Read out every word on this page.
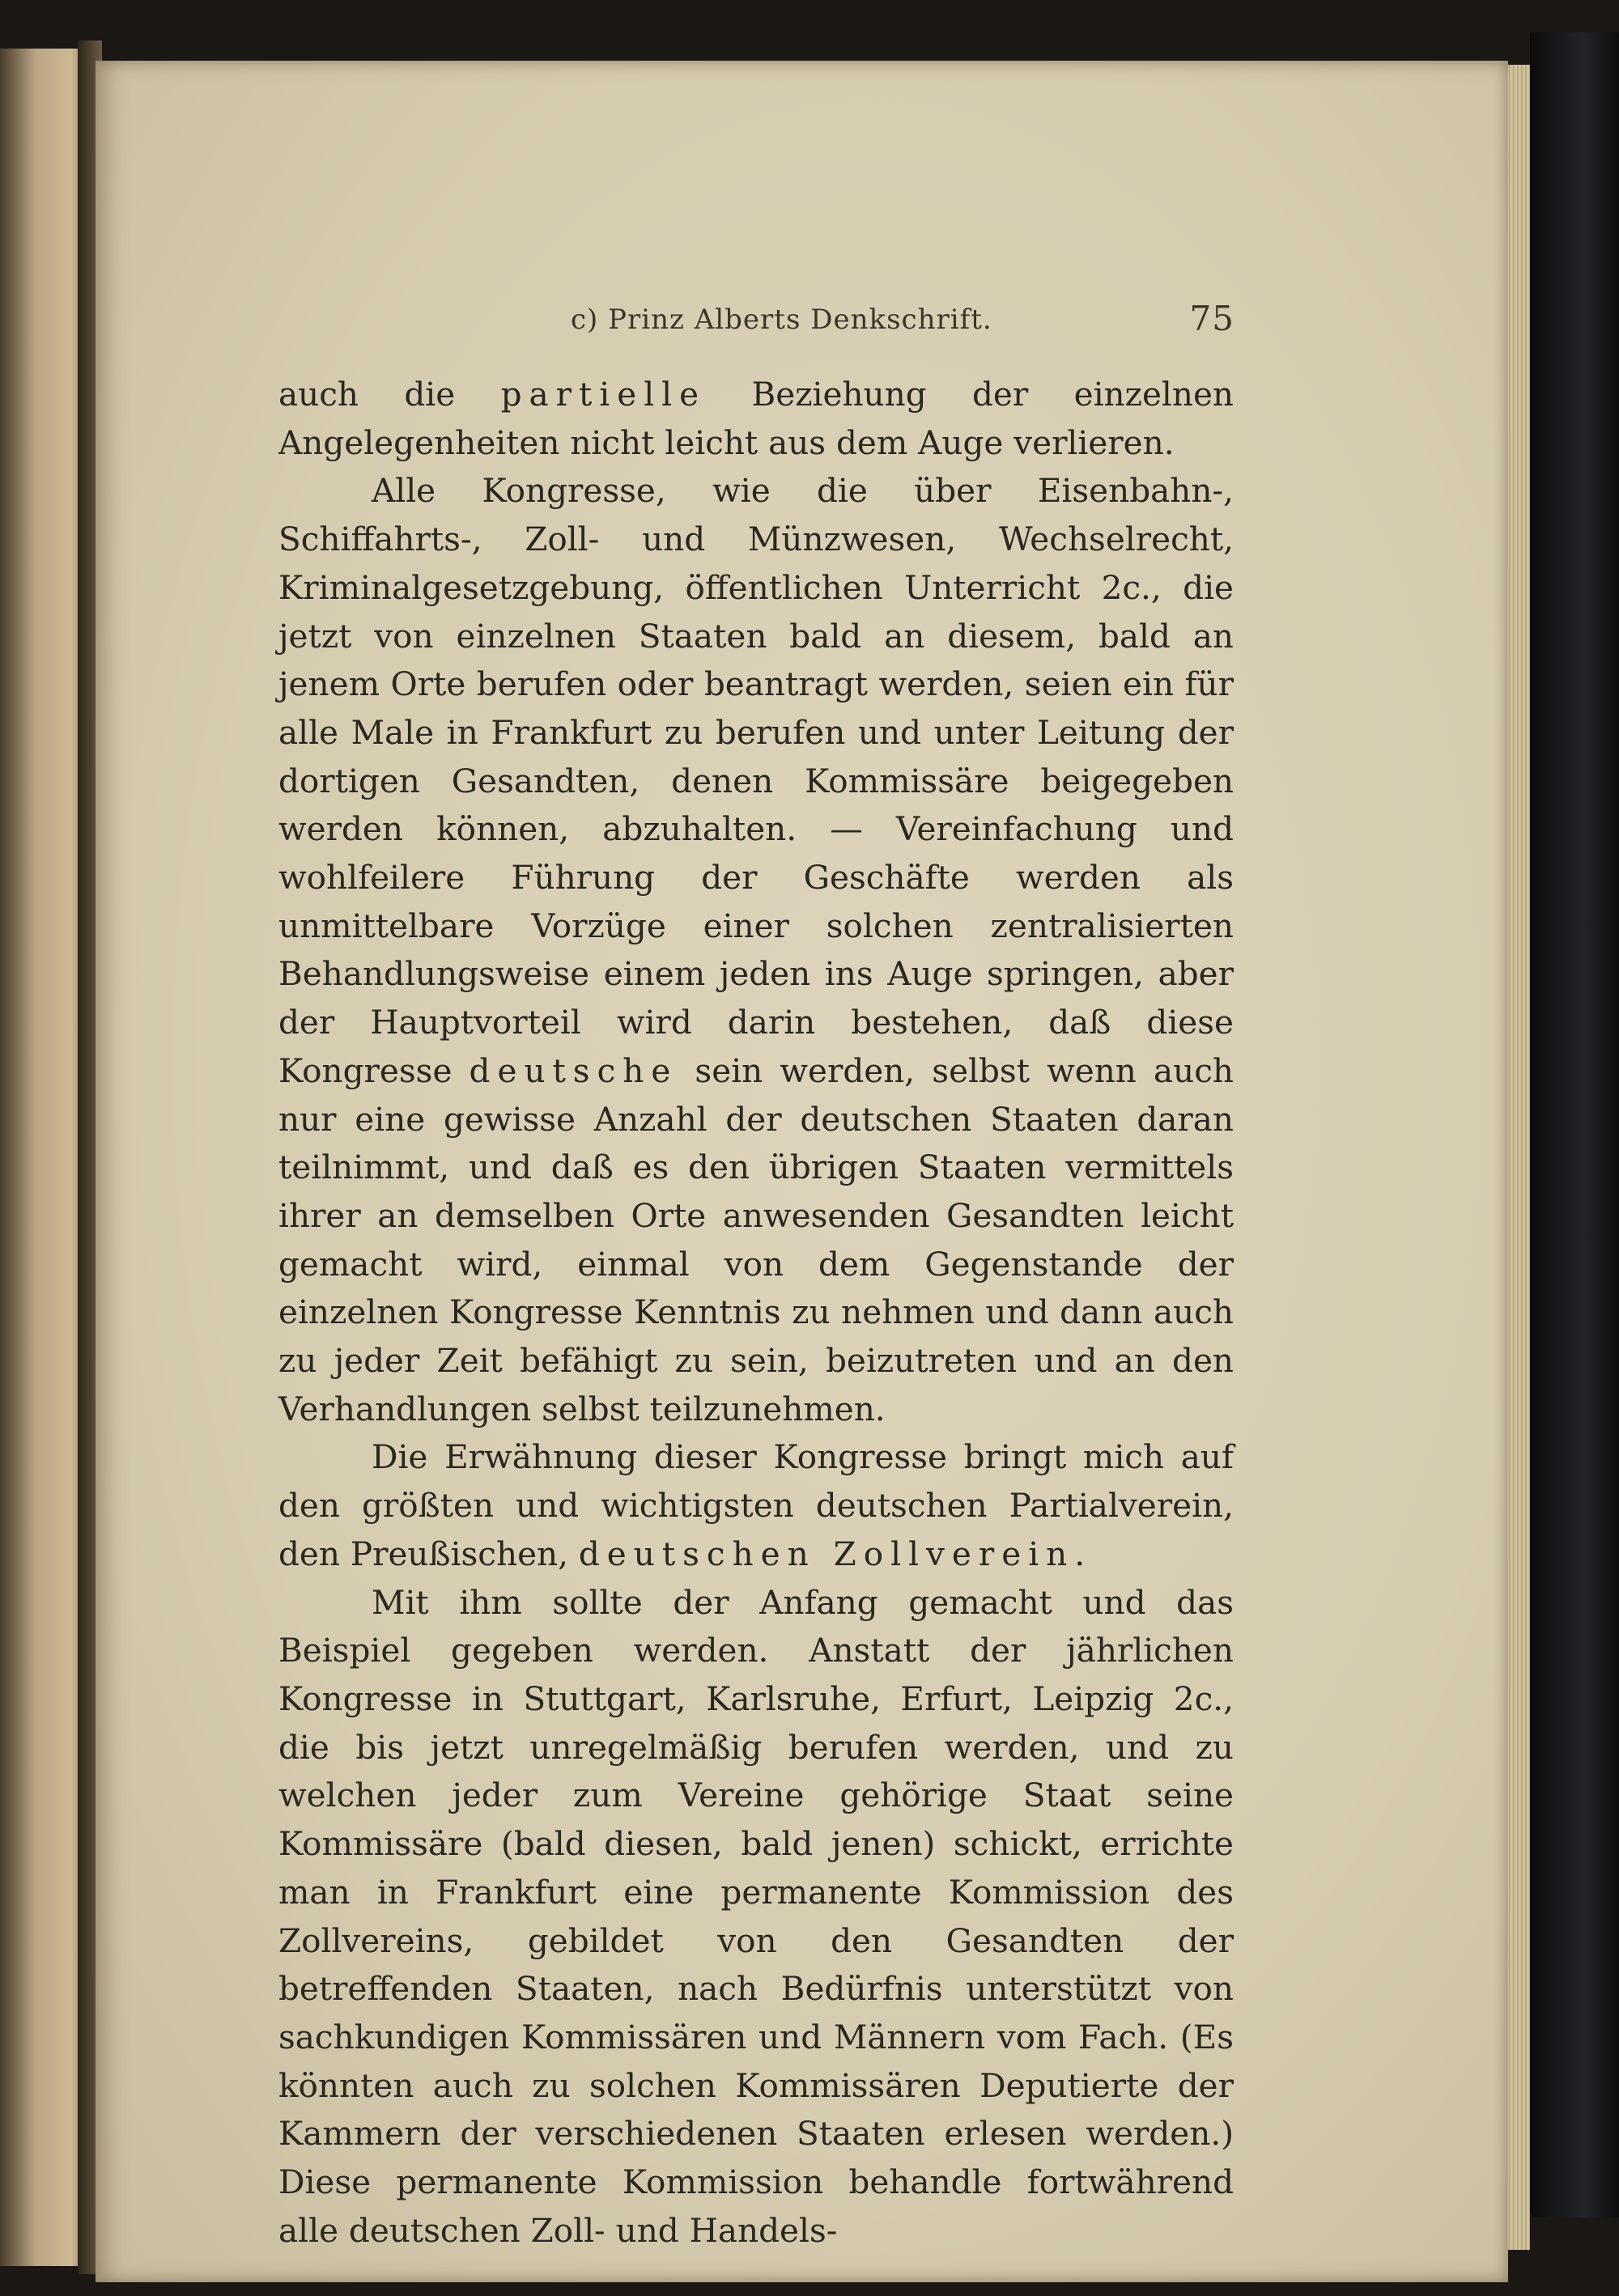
c) Prinz Alberts Denkschrift.	75

auch die partielle Beziehung der einzelnen Angelegenheiten nicht leicht aus dem Auge verlieren.

Alle Kongresse, wie die über Eisenbahn-, Schiffahrts-, Zoll- und Münzwesen, Wechselrecht, Kriminalgesetzgebung, öffentlichen Unterricht 2c., die jetzt von einzelnen Staaten bald an diesem, bald an jenem Orte berufen oder beantragt werden, seien ein für alle Male in Frankfurt zu berufen und unter Leitung der dortigen Gesandten, denen Kommissäre beigegeben werden können, abzuhalten. — Vereinfachung und wohlfeilere Führung der Geschäfte werden als unmittelbare Vorzüge einer solchen zentralisierten Behandlungsweise einem jeden ins Auge springen, aber der Hauptvorteil wird darin bestehen, daß diese Kongresse deutsche sein werden, selbst wenn auch nur eine gewisse Anzahl der deutschen Staaten daran teilnimmt, und daß es den übrigen Staaten vermittels ihrer an demselben Orte anwesenden Gesandten leicht gemacht wird, einmal von dem Gegenstande der einzelnen Kongresse Kenntnis zu nehmen und dann auch zu jeder Zeit befähigt zu sein, beizutreten und an den Verhandlungen selbst teilzunehmen.

Die Erwähnung dieser Kongresse bringt mich auf den größten und wichtigsten deutschen Partialverein, den Preußischen, deutschen Zollverein.

Mit ihm sollte der Anfang gemacht und das Beispiel gegeben werden. Anstatt der jährlichen Kongresse in Stuttgart, Karlsruhe, Erfurt, Leipzig 2c., die bis jetzt unregelmäßig berufen werden, und zu welchen jeder zum Vereine gehörige Staat seine Kommissäre (bald diesen, bald jenen) schickt, errichte man in Frankfurt eine permanente Kommission des Zollvereins, gebildet von den Gesandten der betreffenden Staaten, nach Bedürfnis unterstützt von sachkundigen Kommissären und Männern vom Fach. (Es könnten auch zu solchen Kommissären Deputierte der Kammern der verschiedenen Staaten erlesen werden.) Diese permanente Kommission behandle fortwährend alle deutschen Zoll- und Handels-
